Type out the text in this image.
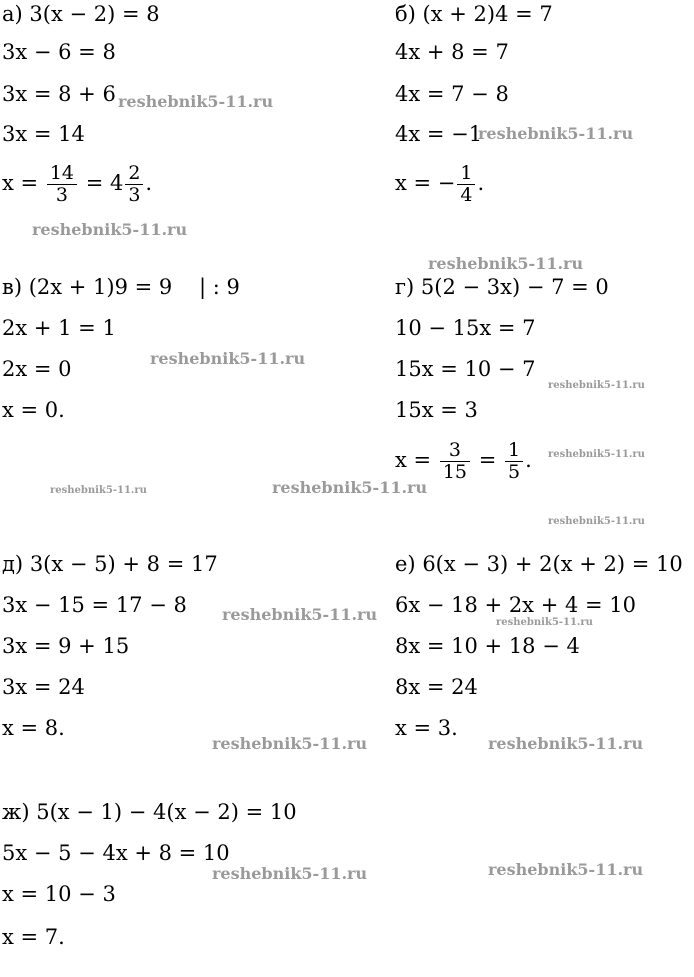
а) 3(x − 2) = 8
3x − 6 = 8
3x = 8 + 6
3x = 14
$x = \frac{14}{3} = 4 \frac{2}{3}$ .
б) (x + 2)4 = 7
4x + 8 = 7
4x = 7 − 8
4x = −1
x = − $\frac{1}{4}$ .
в) (2x + 1)9 = 9    | : 9
2x + 1 = 1
2x = 0
x = 0.
г) 5(2 − 3x) − 7 = 0
10 − 15x = 7
15x = 10 − 7
15x = 3
$x = \frac{3}{15} = \frac{1}{5}$ .
д) 3(x − 5) + 8 = 17
3x − 15 = 17 − 8
3x = 9 + 15
3x = 24
x = 8.
е) 6(x − 3) + 2(x + 2) = 10
6x − 18 + 2x + 4 = 10
8x = 10 + 18 − 4
8x = 24
x = 3.
ж) 5(x − 1) − 4(x − 2) = 10
5x − 5 − 4x + 8 = 10
x = 10 − 3
x = 7.
reshebnik5-11.ru
reshebnik5-11.ru
reshebnik5-11.ru
reshebnik5-11.ru
reshebnik5-11.ru
reshebnik5-11.ru
reshebnik5-11.ru
reshebnik5-11.ru
reshebnik5-11.ru
reshebnik5-11.ru
reshebnik5-11.ru	reshebnik5-11.ru
reshebnik5-11.ru	reshebnik5-11.ru
reshebnik5-11.ru	reshebnik5-11.ru
